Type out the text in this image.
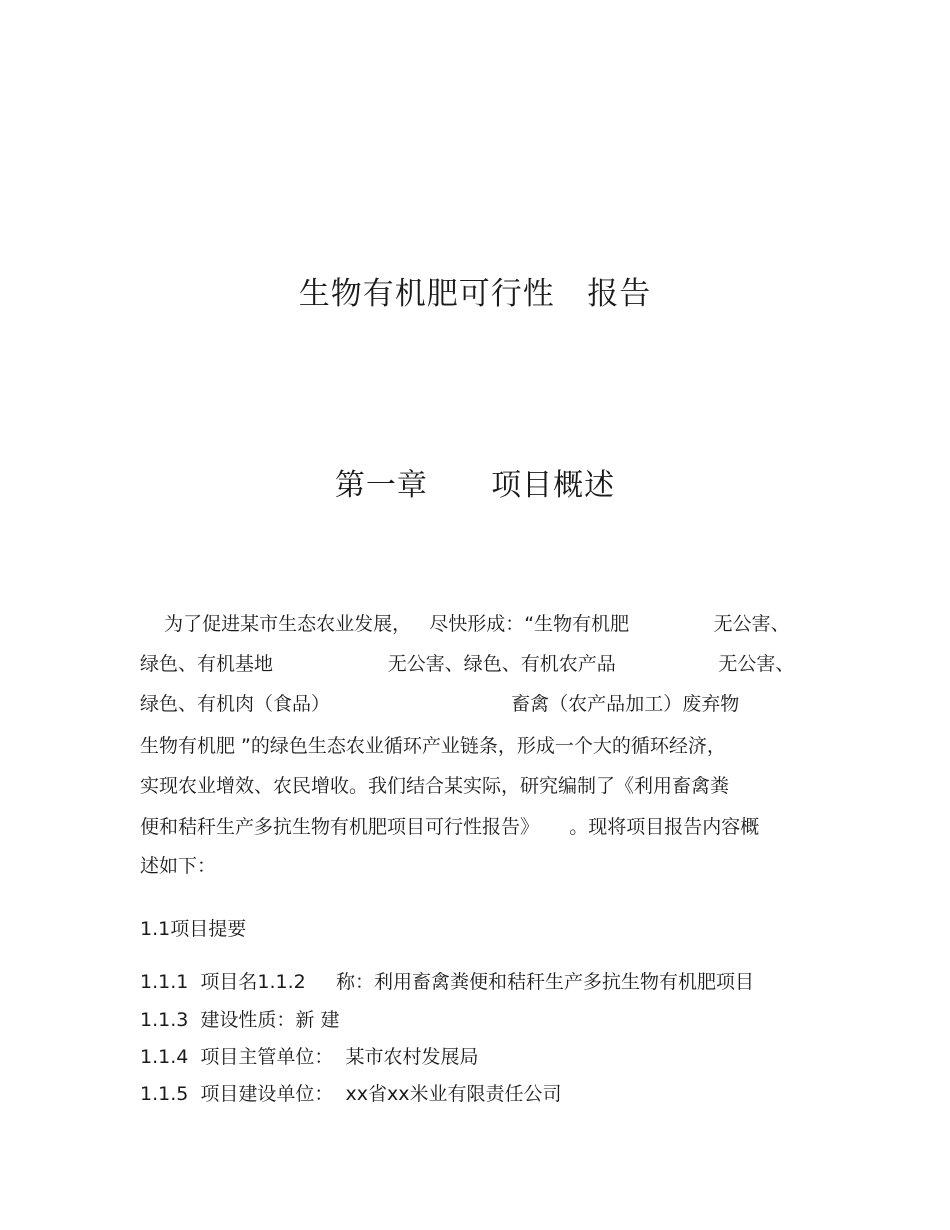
生物有机肥可行性   报告
第一章      项目概述
为了促进某市生态农业发展，   尽快形成：“生物有机肥              无公害、
绿色、有机基地                   无公害、绿色、有机农产品                 无公害、
绿色、有机肉（食品）                              畜禽（农产品加工）废弃物
生物有机肥 ”的绿色生态农业循环产业链条，形成一个大的循环经济，
实现农业增效、农民增收。我们结合某实际，研究编制了《利用畜禽粪
便和秸秆生产多抗生物有机肥项目可行性报告》     。现将项目报告内容概
述如下：
1.1项目提要
1.1.1  项目名1.1.2     称：利用畜禽粪便和秸秆生产多抗生物有机肥项目
1.1.3  建设性质：新 建
1.1.4  项目主管单位：  某市农村发展局
1.1.5  项目建设单位：  xx省xx米业有限责任公司
